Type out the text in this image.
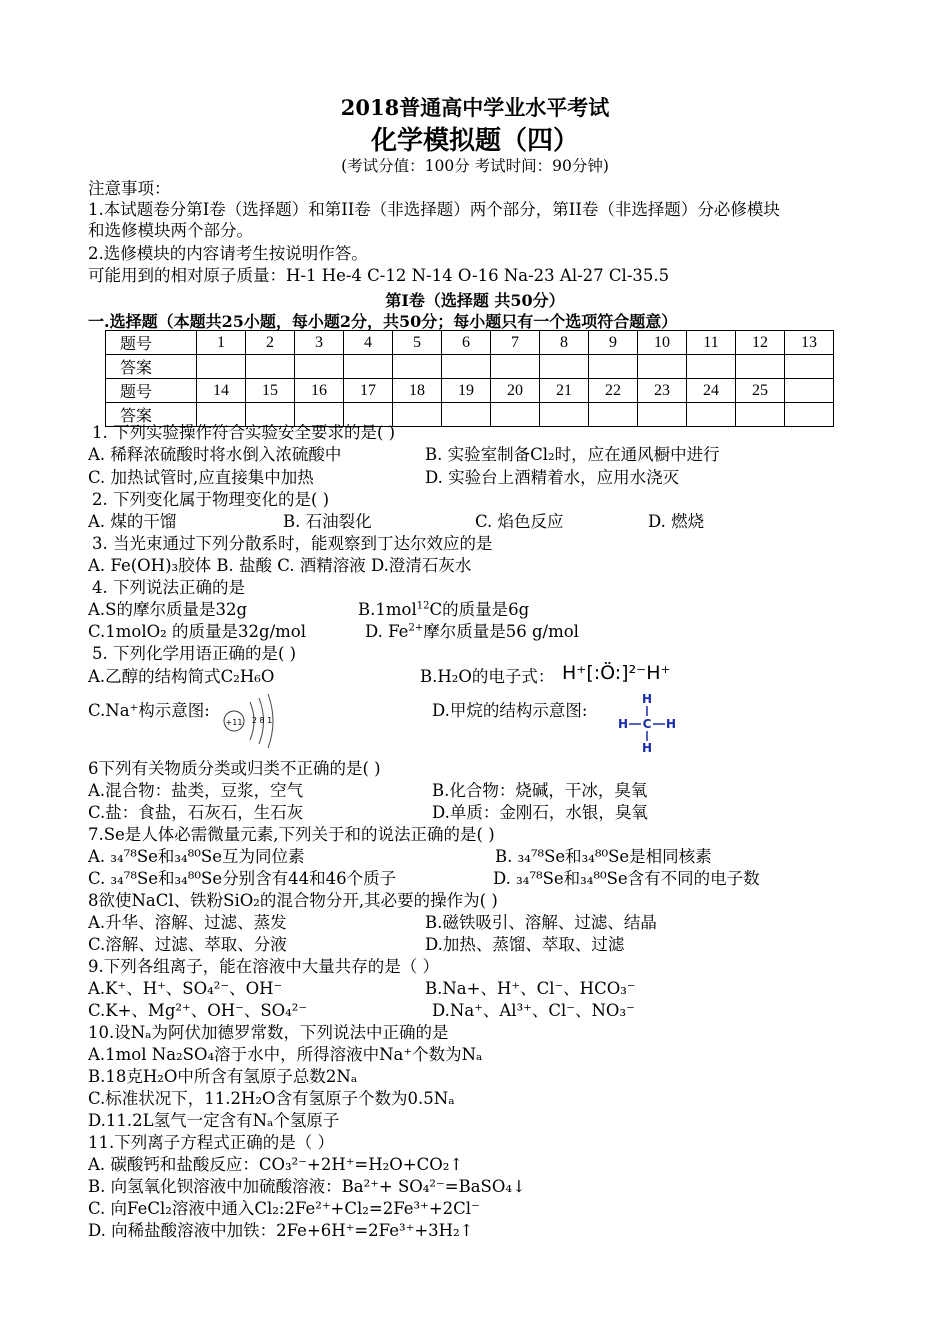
2018普通高中学业水平考试
化学模拟题（四）
(考试分值：100分 考试时间：90分钟)
注意事项：
1.本试题卷分第I卷（选择题）和第II卷（非选择题）两个部分，第II卷（非选择题）分必修模块
和选修模块两个部分。
2.选修模块的内容请考生按说明作答。
可能用到的相对原子质量：H-1 He-4 C-12 N-14 O-16 Na-23 Al-27 Cl-35.5
第I卷（选择题 共50分）
一.选择题（本题共25小题，每小题2分，共50分；每小题只有一个选项符合题意）
题号	1	2	3	4	5	6	7	8	9	10	11	12	13
答案													
题号	14	15	16	17	18	19	20	21	22	23	24	25	
答案													
1. 下列实验操作符合实验安全要求的是( )
A. 稀释浓硫酸时将水倒入浓硫酸中	B. 实验室制备Cl₂时，应在通风橱中进行
C. 加热试管时,应直接集中加热	D. 实验台上酒精着水，应用水浇灭
2. 下列变化属于物理变化的是( )
A. 煤的干馏	B. 石油裂化	C. 焰色反应	D. 燃烧
3. 当光束通过下列分散系时，能观察到丁达尔效应的是
A. Fe(OH)₃胶体 B. 盐酸 C. 酒精溶液 D.澄清石灰水
4. 下列说法正确的是
A.S的摩尔质量是32g	B.1mol$^{12}$C的质量是6g
C.1molO₂ 的质量是32g/mol	D. $Fe^{2+}$摩尔质量是56 g/mol
5. 下列化学用语正确的是( )
A.乙醇的结构简式C₂H₆O	B.H₂O的电子式： H⁺[:Ö:]²⁻H⁺
C.Na⁺构示意图:
+11 2 8 1
D.甲烷的结构示意图:
H
H C H
H
6下列有关物质分类或归类不正确的是( )
A.混合物：盐类，豆浆，空气	B.化合物：烧碱，干冰，臭氧
C.盐：食盐，石灰石，生石灰	D.单质：金刚石，水银，臭氧
7.Se是人体必需微量元素,下列关于和的说法正确的是( )
A. ₃₄⁷⁸Se和₃₄⁸⁰Se互为同位素	B. ₃₄⁷⁸Se和₃₄⁸⁰Se是相同核素
C. ₃₄⁷⁸Se和₃₄⁸⁰Se分别含有44和46个质子	D. ₃₄⁷⁸Se和₃₄⁸⁰Se含有不同的电子数
8欲使NaCl、铁粉SiO₂的混合物分开,其必要的操作为( )
A.升华、溶解、过滤、蒸发	B.磁铁吸引、溶解、过滤、结晶
C.溶解、过滤、萃取、分液	D.加热、蒸馏、萃取、过滤
9.下列各组离子，能在溶液中大量共存的是（ ）
A.K⁺、H⁺、SO₄²⁻、OH⁻	B.Na+、H⁺、Cl⁻、HCO₃⁻
C.K+、Mg²⁺、OH⁻、SO₄²⁻	D.Na⁺、Al³⁺、Cl⁻、NO₃⁻
10.设Nₐ为阿伏加德罗常数，下列说法中正确的是
A.1mol Na₂SO₄溶于水中，所得溶液中Na⁺个数为Nₐ
B.18克H₂O中所含有氢原子总数2Nₐ
C.标准状况下，11.2H₂O含有氢原子个数为0.5Nₐ
D.11.2L氢气一定含有Nₐ个氢原子
11.下列离子方程式正确的是（ ）
A. 碳酸钙和盐酸反应：CO₃²⁻+2H⁺=H₂O+CO₂↑
B. 向氢氧化钡溶液中加硫酸溶液：Ba²⁺+ SO₄²⁻=BaSO₄↓
C. 向FeCl₂溶液中通入Cl₂:2Fe²⁺+Cl₂=2Fe³⁺+2Cl⁻
D. 向稀盐酸溶液中加铁：2Fe+6H⁺=2Fe³⁺+3H₂↑
